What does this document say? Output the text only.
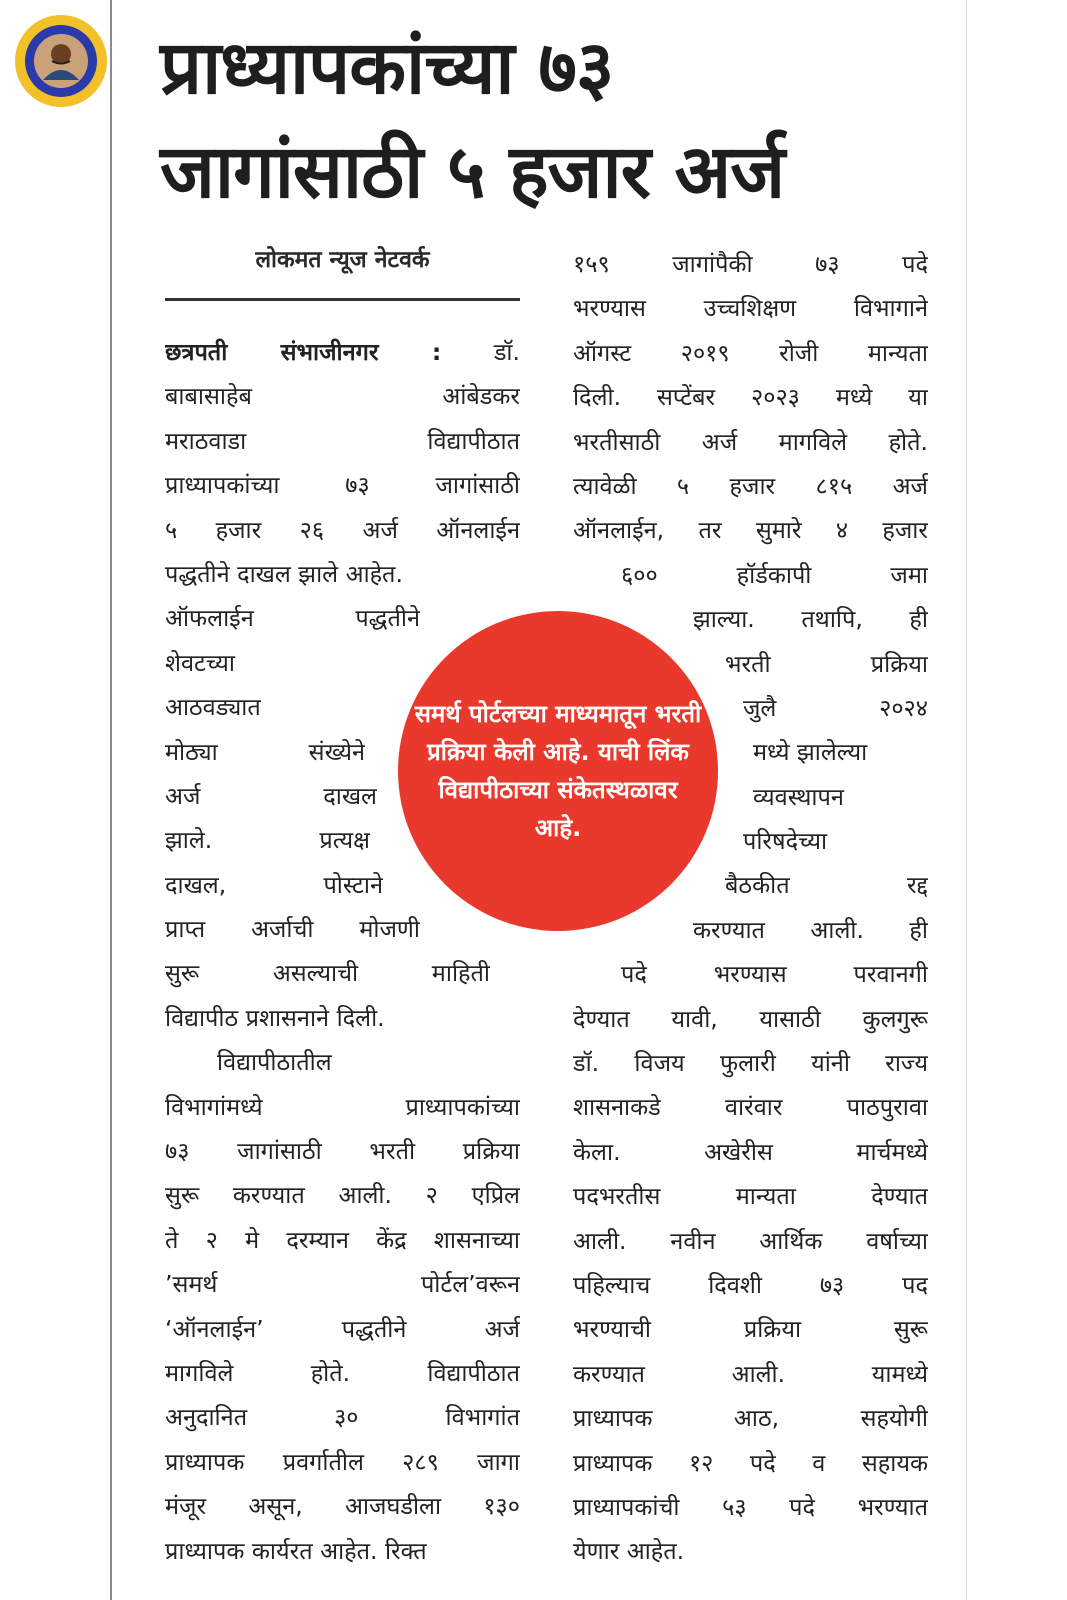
प्राध्यापकांच्या ७३
जागांसाठी ५ हजार अर्ज
लोकमत न्यूज नेटवर्क
छत्रपती संभाजीनगर : डॉ.
बाबासाहेब आंबेडकर
मराठवाडा विद्यापीठात
प्राध्यापकांच्या ७३ जागांसाठी
५ हजार २६ अर्ज ऑनलाईन
पद्धतीने दाखल झाले आहेत.
ऑफलाईन पद्धतीने
शेवटच्या
आठवड्यात
मोठ्या संख्येने
अर्ज दाखल
झाले. प्रत्यक्ष
दाखल, पोस्टाने
प्राप्त अर्जाची मोजणी
सुरू असल्याची माहिती
विद्यापीठ प्रशासनाने दिली.
विद्यापीठातील
विभागांमध्ये प्राध्यापकांच्या
७३ जागांसाठी भरती प्रक्रिया
सुरू करण्यात आली. २ एप्रिल
ते २ मे दरम्यान केंद्र शासनाच्या
’समर्थ पोर्टल’वरून
‘ऑनलाईन’ पद्धतीने अर्ज
मागविले होते. विद्यापीठात
अनुदानित ३० विभागांत
प्राध्यापक प्रवर्गातील २८९ जागा
मंजूर असून, आजघडीला १३०
प्राध्यापक कार्यरत आहेत. रिक्त
१५९ जागांपैकी ७३ पदे
भरण्यास उच्चशिक्षण विभागाने
ऑगस्ट २०१९ रोजी मान्यता
दिली. सप्टेंबर २०२३ मध्ये या
भरतीसाठी अर्ज मागविले होते.
त्यावेळी ५ हजार ८१५ अर्ज
ऑनलाईन, तर सुमारे ४ हजार
६०० हॉर्डकापी जमा
झाल्या. तथापि, ही
भरती प्रक्रिया
जुलै २०२४
मध्ये झालेल्या
व्यवस्थापन
परिषदेच्या
बैठकीत रद्द
करण्यात आली. ही
पदे भरण्यास परवानगी
देण्यात यावी, यासाठी कुलगुरू
डॉ. विजय फुलारी यांनी राज्य
शासनाकडे वारंवार पाठपुरावा
केला. अखेरीस मार्चमध्ये
पदभरतीस मान्यता देण्यात
आली. नवीन आर्थिक वर्षाच्या
पहिल्याच दिवशी ७३ पद
भरण्याची प्रक्रिया सुरू
करण्यात आली. यामध्ये
प्राध्यापक आठ, सहयोगी
प्राध्यापक १२ पदे व सहायक
प्राध्यापकांची ५३ पदे भरण्यात
येणार आहेत.
समर्थ पोर्टलच्या माध्यमातून भरती प्रक्रिया केली आहे. याची लिंक विद्यापीठाच्या संकेतस्थळावर आहे.
